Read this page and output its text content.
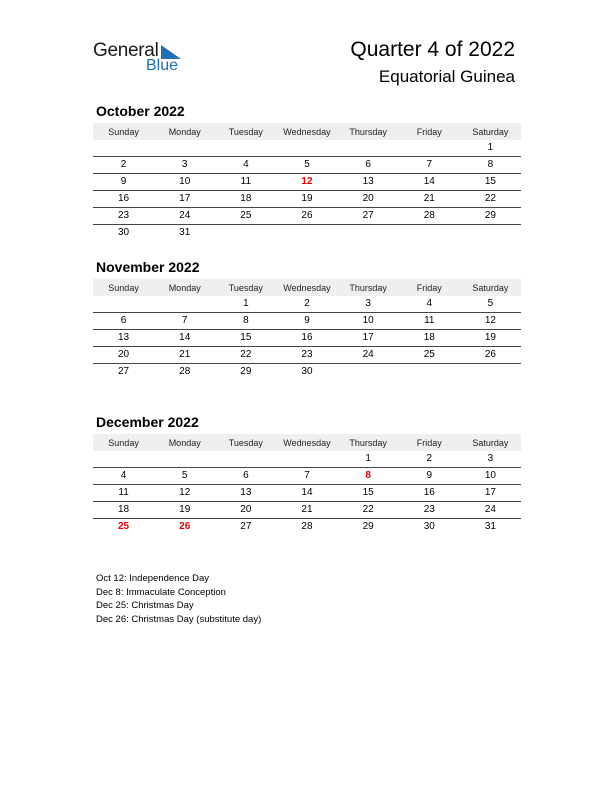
General
Blue
Quarter 4 of 2022
Equatorial Guinea
October 2022
Sunday	Monday	Tuesday	Wednesday	Thursday	Friday	Saturday
						1
2	3	4	5	6	7	8
9	10	11	12	13	14	15
16	17	18	19	20	21	22
23	24	25	26	27	28	29
30	31					
November 2022
Sunday	Monday	Tuesday	Wednesday	Thursday	Friday	Saturday
		1	2	3	4	5
6	7	8	9	10	11	12
13	14	15	16	17	18	19
20	21	22	23	24	25	26
27	28	29	30			
December 2022
Sunday	Monday	Tuesday	Wednesday	Thursday	Friday	Saturday
				1	2	3
4	5	6	7	8	9	10
11	12	13	14	15	16	17
18	19	20	21	22	23	24
25	26	27	28	29	30	31
Oct 12: Independence Day
Dec 8: Immaculate Conception
Dec 25: Christmas Day
Dec 26: Christmas Day (substitute day)
